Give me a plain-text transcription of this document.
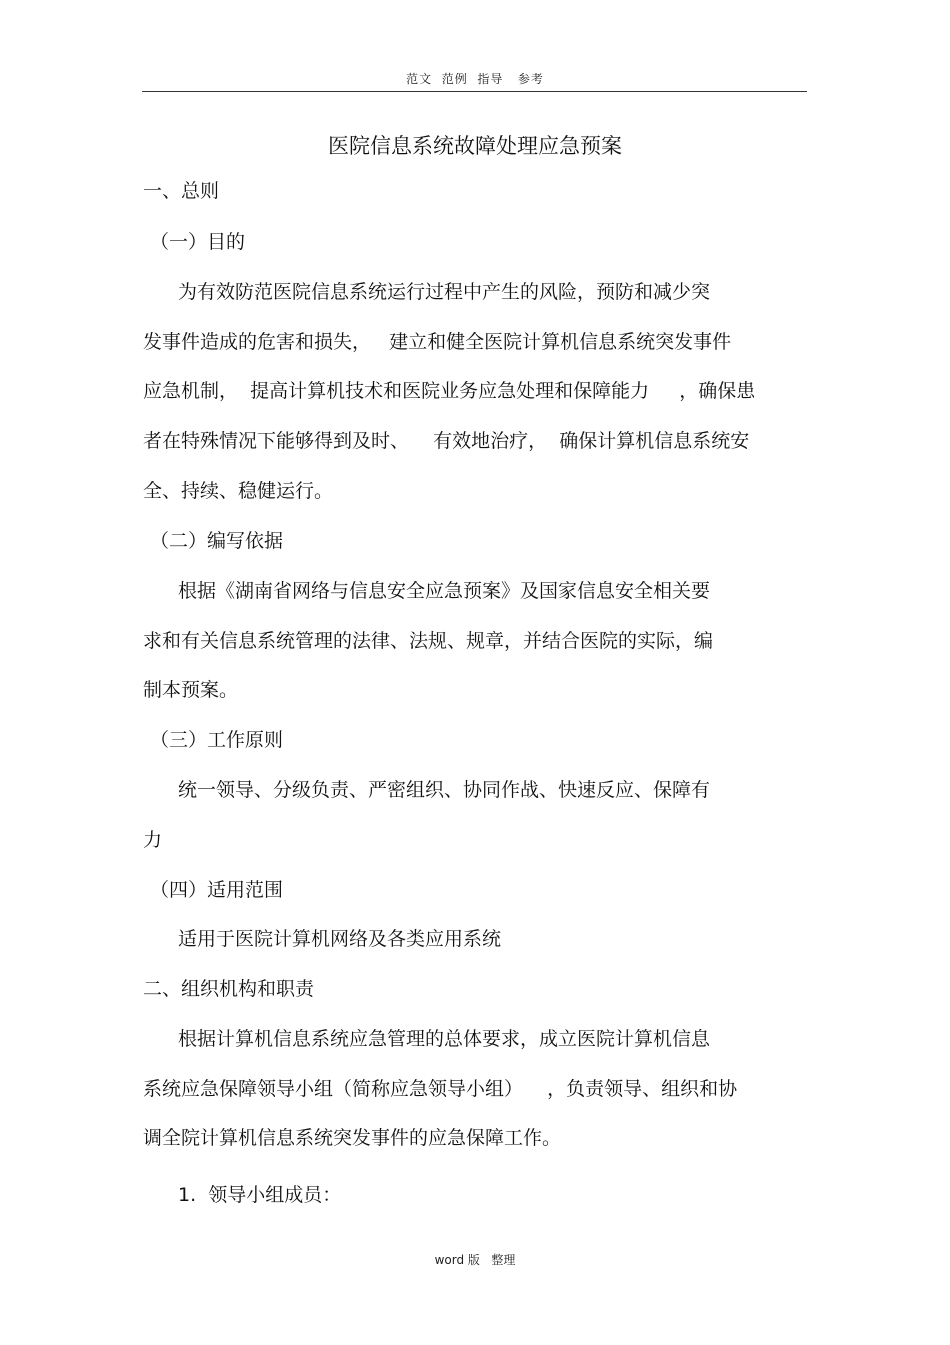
范文  范例  指导   参考
医院信息系统故障处理应急预案
一、总则
（一）目的
为有效防范医院信息系统运行过程中产生的风险，预防和减少突
发事件造成的危害和损失，   建立和健全医院计算机信息系统突发事件
应急机制，  提高计算机技术和医院业务应急处理和保障能力     ，确保患
者在特殊情况下能够得到及时、    有效地治疗，  确保计算机信息系统安
全、持续、稳健运行。
（二）编写依据
根据《湖南省网络与信息安全应急预案》及国家信息安全相关要
求和有关信息系统管理的法律、法规、规章，并结合医院的实际，编
制本预案。
（三）工作原则
统一领导、分级负责、严密组织、协同作战、快速反应、保障有
力
（四）适用范围
适用于医院计算机网络及各类应用系统
二、组织机构和职责
根据计算机信息系统应急管理的总体要求，成立医院计算机信息
系统应急保障领导小组（简称应急领导小组）    ，负责领导、组织和协
调全院计算机信息系统突发事件的应急保障工作。
1.  领导小组成员：
word 版   整理
